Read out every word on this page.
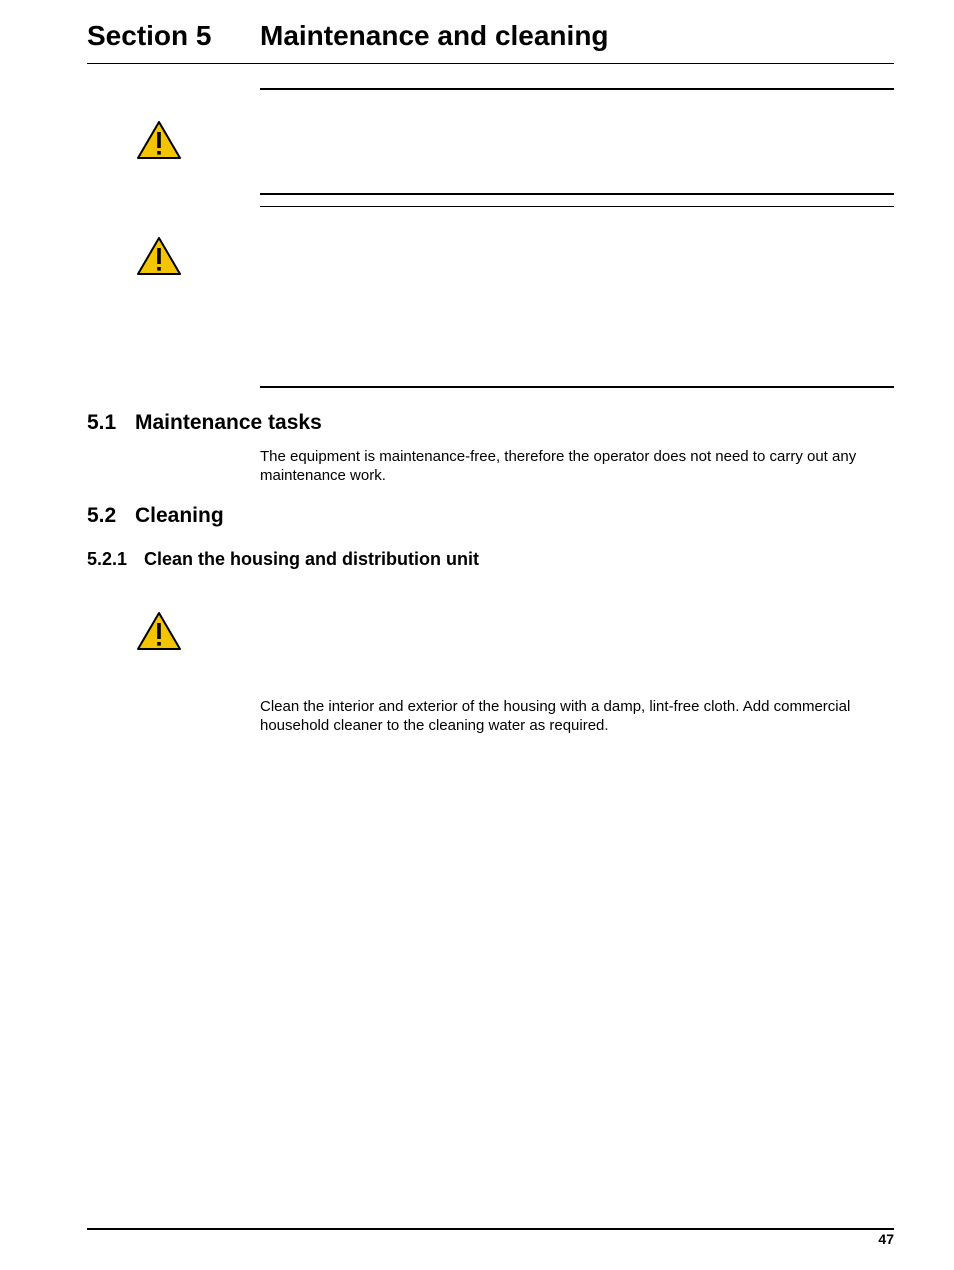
Section 5 Maintenance and cleaning
5.1 Maintenance tasks
The equipment is maintenance-free, therefore the operator does not need to carry out any maintenance work.
5.2 Cleaning
5.2.1 Clean the housing and distribution unit
Clean the interior and exterior of the housing with a damp, lint-free cloth. Add commercial household cleaner to the cleaning water as required.
47
